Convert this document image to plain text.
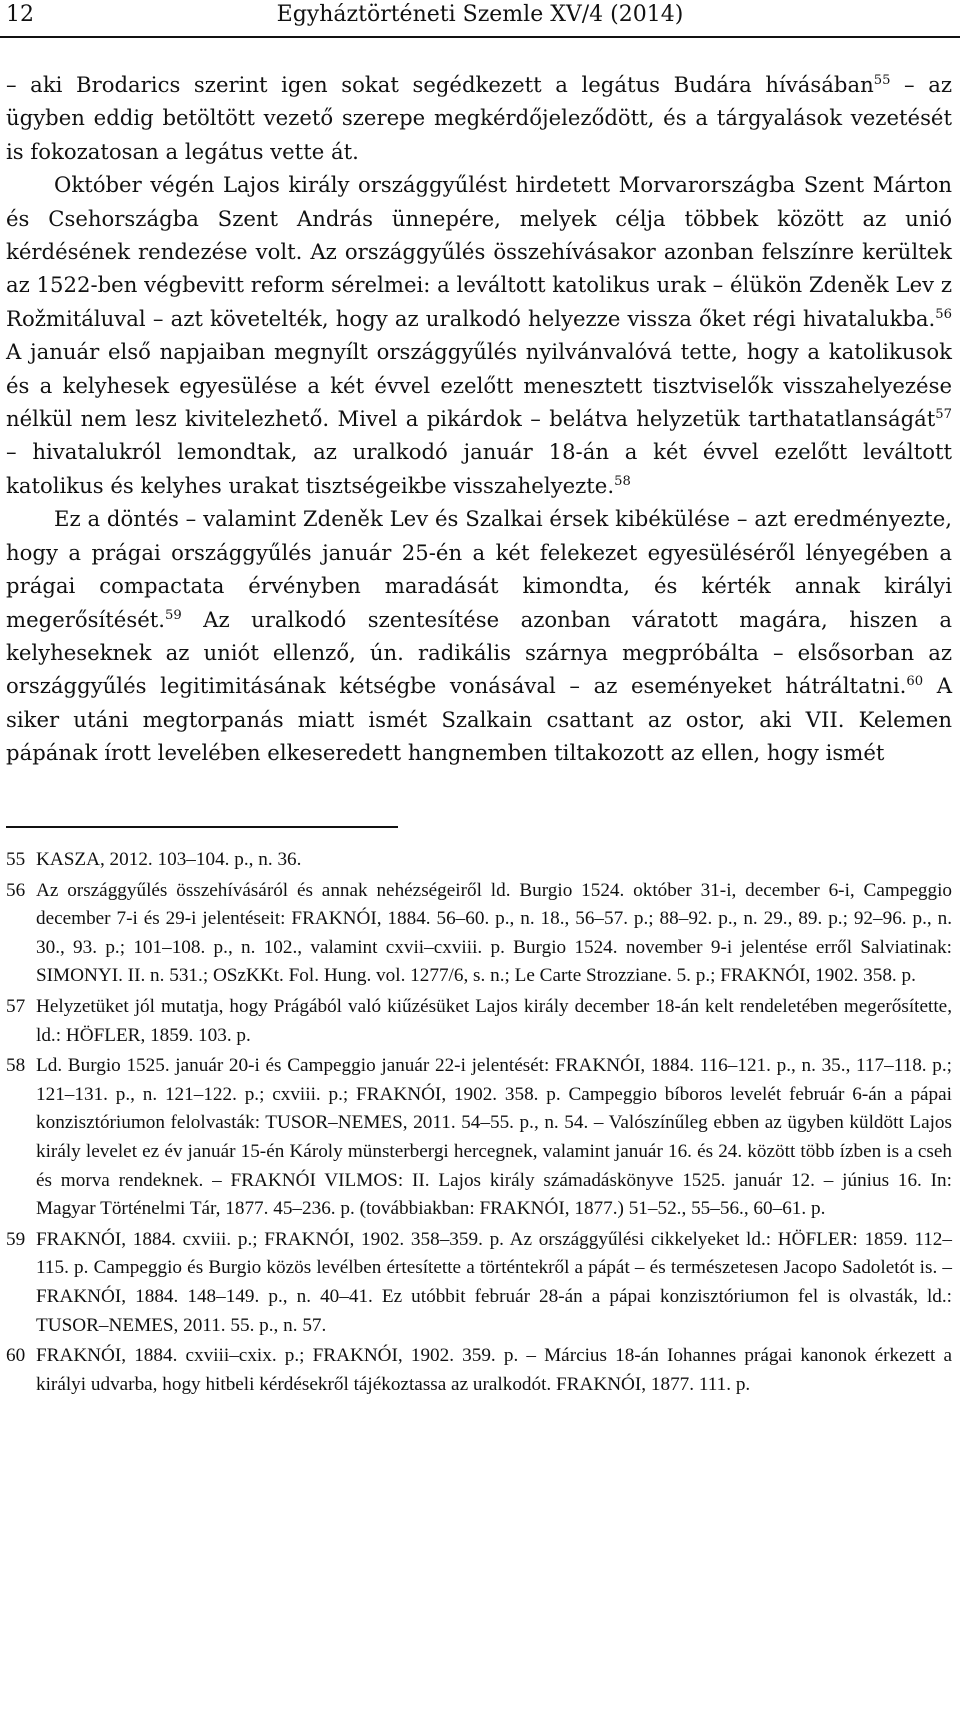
12	Egyháztörténeti Szemle XV/4 (2014)

– aki Brodarics szerint igen sokat segédkezett a legátus Budára hívásában$^{55}$ – az ügyben eddig betöltött vezető szerepe megkérdőjeleződött, és a tárgyalások vezetését is fokozatosan a legátus vette át.

Október végén Lajos király országgyűlést hirdetett Morvarországba Szent Márton és Csehországba Szent András ünnepére, melyek célja többek között az unió kérdésének rendezése volt. Az országgyűlés összehívásakor azonban felszínre kerültek az 1522-ben végbevitt reform sérelmei: a leváltott katolikus urak – élükön Zdeněk Lev z Rožmitáluval – azt követelték, hogy az uralkodó helyezze vissza őket régi hivatalukba.$^{56}$ A január első napjaiban megnyílt országgyűlés nyilvánvalóvá tette, hogy a katolikusok és a kelyhesek egyesülése a két évvel ezelőtt menesztett tisztviselők visszahelyezése nélkül nem lesz kivitelezhető. Mivel a pikárdok – belátva helyzetük tarthatatlanságát$^{57}$ – hivatalukról lemondtak, az uralkodó január 18-án a két évvel ezelőtt leváltott katolikus és kelyhes urakat tisztségeikbe visszahelyezte.$^{58}$

Ez a döntés – valamint Zdeněk Lev és Szalkai érsek kibékülése – azt eredményezte, hogy a prágai országgyűlés január 25-én a két felekezet egyesüléséről lényegében a prágai compactata érvényben maradását kimondta, és kérték annak királyi megerősítését.$^{59}$ Az uralkodó szentesítése azonban váratott magára, hiszen a kelyheseknek az uniót ellenző, ún. radikális szárnya megpróbálta – elsősorban az országgyűlés legitimitásának kétségbe vonásával – az eseményeket hátráltatni.$^{60}$ A siker utáni megtorpanás miatt ismét Szalkain csattant az ostor, aki VII. Kelemen pápának írott levelében elkeseredett hangnemben tiltakozott az ellen, hogy ismét

55 KASZA, 2012. 103–104. p., n. 36.
56 Az országgyűlés összehívásáról és annak nehézségeiről ld. Burgio 1524. október 31-i, december 6-i, Campeggio december 7-i és 29-i jelentéseit: FRAKNÓI, 1884. 56–60. p., n. 18., 56–57. p.; 88–92. p., n. 29., 89. p.; 92–96. p., n. 30., 93. p.; 101–108. p., n. 102., valamint cxvii–cxviii. p. Burgio 1524. november 9-i jelentése erről Salviatinak: SIMONYI. II. n. 531.; OSzKKt. Fol. Hung. vol. 1277/6, s. n.; Le Carte Strozziane. 5. p.; FRAKNÓI, 1902. 358. p.
57 Helyzetüket jól mutatja, hogy Prágából való kiűzésüket Lajos király december 18-án kelt rendeletében megerősítette, ld.: HÖFLER, 1859. 103. p.
58 Ld. Burgio 1525. január 20-i és Campeggio január 22-i jelentését: FRAKNÓI, 1884. 116–121. p., n. 35., 117–118. p.; 121–131. p., n. 121–122. p.; cxviii. p.; FRAKNÓI, 1902. 358. p. Campeggio bíboros levelét február 6-án a pápai konzisztóriumon felolvasták: TUSOR–NEMES, 2011. 54–55. p., n. 54. – Valószínűleg ebben az ügyben küldött Lajos király levelet ez év január 15-én Károly münsterbergi hercegnek, valamint január 16. és 24. között több ízben is a cseh és morva rendeknek. – FRAKNÓI VILMOS: II. Lajos király számadáskönyve 1525. január 12. – június 16. In: Magyar Történelmi Tár, 1877. 45–236. p. (továbbiakban: FRAKNÓI, 1877.) 51–52., 55–56., 60–61. p.
59 FRAKNÓI, 1884. cxviii. p.; FRAKNÓI, 1902. 358–359. p. Az országgyűlési cikkelyeket ld.: HÖFLER: 1859. 112–115. p. Campeggio és Burgio közös levélben értesítette a történtekről a pápát – és természetesen Jacopo Sadoletót is. – FRAKNÓI, 1884. 148–149. p., n. 40–41. Ez utóbbit február 28-án a pápai konzisztóriumon fel is olvasták, ld.: TUSOR–NEMES, 2011. 55. p., n. 57.
60 FRAKNÓI, 1884. cxviii–cxix. p.; FRAKNÓI, 1902. 359. p. – Március 18-án Iohannes prágai kanonok érkezett a királyi udvarba, hogy hitbeli kérdésekről tájékoztassa az uralkodót. FRAKNÓI, 1877. 111. p.
